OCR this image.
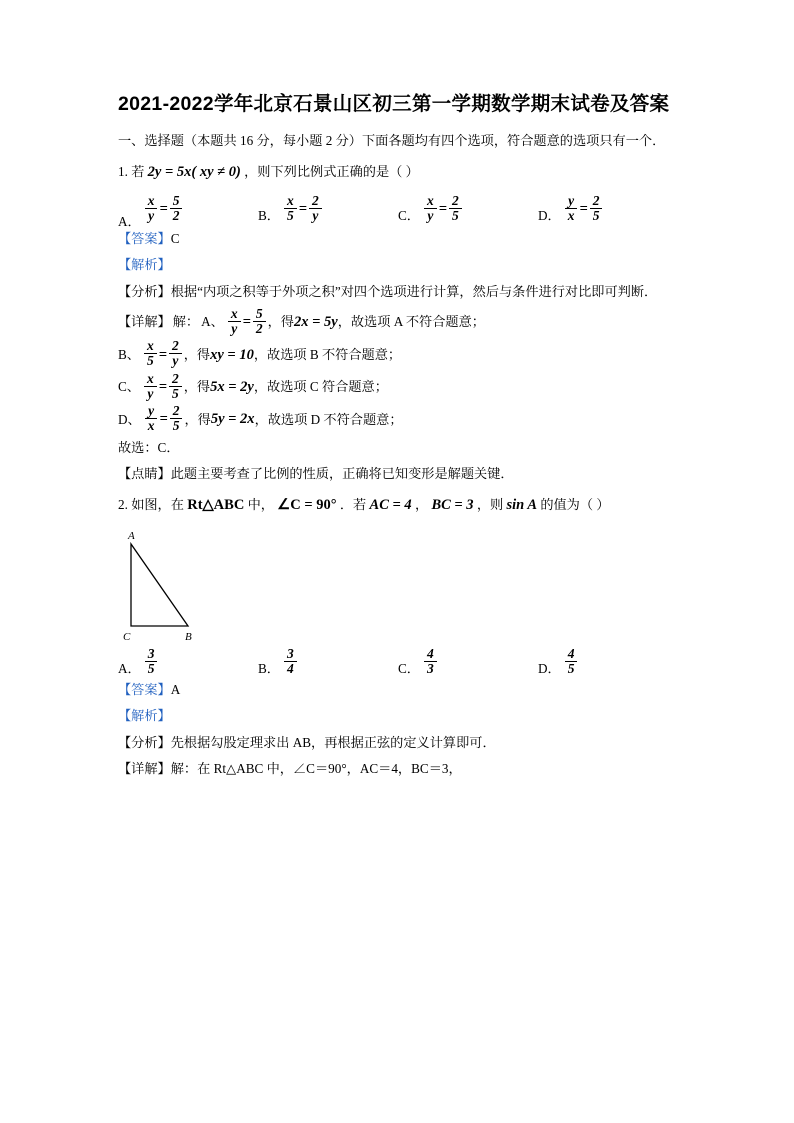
2021-2022学年北京石景山区初三第一学期数学期末试卷及答案

一、选择题（本题共 16 分，每小题 2 分）下面各题均有四个选项，符合题意的选项只有一个．

1. 若 2y = 5x( xy ≠ 0) ，则下列比例式正确的是（ ）
A． $\frac{x}{y} = \frac{5}{2}$	B． $\frac{x}{5} = \frac{2}{y}$	C． $\frac{x}{y} = \frac{2}{5}$	D． $\frac{y}{x} = \frac{2}{5}$

【答案】C

【解析】

【分析】根据“内项之积等于外项之积”对四个选项进行计算，然后与条件进行对比即可判断．

【详解】 解： A、 $\frac{x}{y} = \frac{5}{2}$ ，得 2x = 5y ，故选项 A 不符合题意；
B、 $\frac{x}{5} = \frac{2}{y}$ ，得 xy = 10 ，故选项 B 不符合题意；
C、 $\frac{x}{y} = \frac{2}{5}$ ，得 5x = 2y ，故选项 C 符合题意；
D、 $\frac{y}{x} = \frac{2}{5}$ ，得 5y = 2x ，故选项 D 不符合题意；

故选：C．

【点睛】此题主要考查了比例的性质，正确将已知变形是解题关键．

2. 如图，在 Rt△ABC 中， ∠C = 90° ．若 AC = 4 ， BC = 3 ，则 sin A 的值为（ ）
A
C	B
A． $\frac{3}{5}$	B． $\frac{3}{4}$	C． $\frac{4}{3}$	D． $\frac{4}{5}$

【答案】A

【解析】

【分析】先根据勾股定理求出 AB，再根据正弦的定义计算即可．

【详解】解：在 Rt△ABC 中，∠C＝90°，AC＝4，BC＝3，
